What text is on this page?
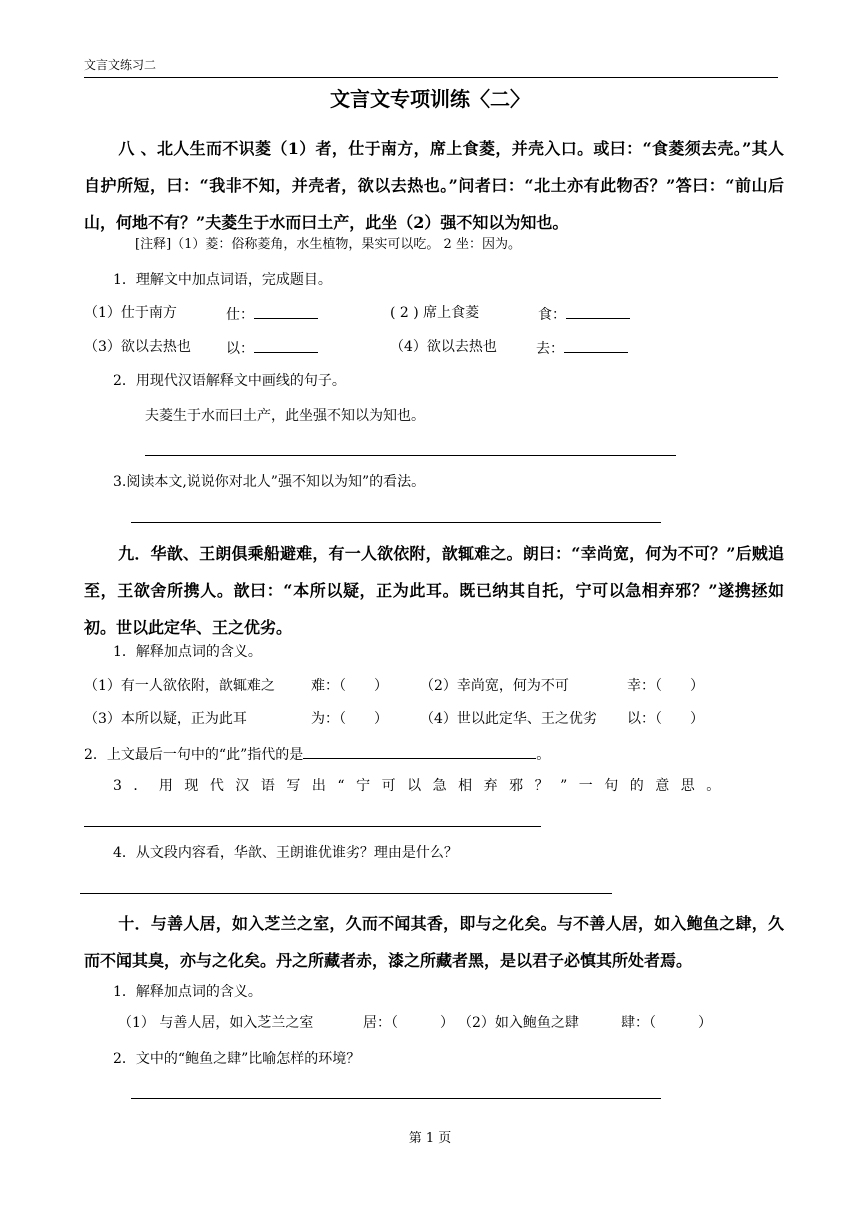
文言文练习二
文言文专项训练〈二〉
八 、北人生而不识菱（1）者，仕于南方，席上食菱，并壳入口。或曰：“食菱须去壳。”其人自护所短，曰：“我非不知，并壳者，欲以去热也。”问者曰：“北土亦有此物否？”答曰：“前山后山，何地不有？”夫菱生于水而曰土产，此坐（2）强不知以为知也。
[注释]（1）菱：俗称菱角，水生植物，果实可以吃。 2 坐：因为。
1．理解文中加点词语，完成题目。
（1）仕于南方	仕：	( 2 ) 席上食菱	食：
（3）欲以去热也	以：	（4）欲以去热也	去：
2．用现代汉语解释文中画线的句子。
夫菱生于水而曰土产，此坐强不知以为知也。
3.阅读本文,说说你对北人”强不知以为知”的看法。
九．华歆、王朗俱乘船避难，有一人欲依附，歆辄难之。朗曰：“幸尚宽，何为不可？”后贼追至，王欲舍所携人。歆曰：“本所以疑，正为此耳。既已纳其自托，宁可以急相弃邪？”遂携拯如初。世以此定华、王之优劣。
1．解释加点词的含义。
（1）有一人欲依附，歆辄难之	难：（　　） （2）幸尚宽，何为不可	幸：（　　）
（3）本所以疑，正为此耳	为：（　　） （4）世以此定华、王之优劣 以：（　　）
2．上文最后一句中的“此”指代的是	。
3．用现代汉语写出“宁可以急相弃邪？”一句的意思。
4．从文段内容看，华歆、王朗谁优谁劣？理由是什么？
十．与善人居，如入芝兰之室，久而不闻其香，即与之化矣。与不善人居，如入鲍鱼之肆，久而不闻其臭，亦与之化矣。丹之所藏者赤，漆之所藏者黑，是以君子必慎其所处者焉。
1．解释加点词的含义。
（1） 与善人居，如入芝兰之室	居：（　　　） （2）如入鲍鱼之肆	肆：（　　　）
2．文中的“鲍鱼之肆”比喻怎样的环境？
第 1 页
